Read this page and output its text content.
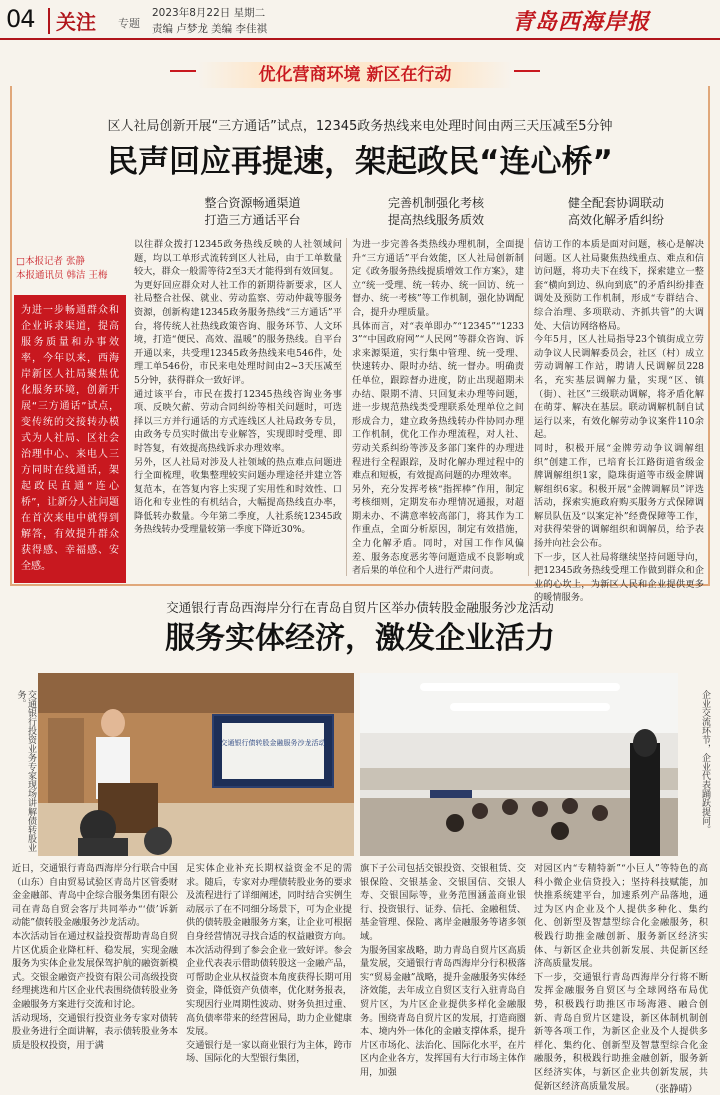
04 关注 专题
2023年8月22日 星期二
责编 卢梦龙 美编 李佳祺	青岛西海岸报
优化营商环境 新区在行动
区人社局创新开展“三方通话”试点，12345政务热线来电处理时间由两三天压减至5分钟
民声回应再提速，架起政民“连心桥”
整合资源畅通渠道
打造三方通话平台
完善机制强化考核
提高热线服务质效
健全配套协调联动
高效化解矛盾纠纷
□本报记者 张静
本报通讯员 韩洁 王梅
为进一步畅通群众和企业诉求渠道，提高服务质量和办事效率，今年以来，西海岸新区人社局聚焦优化服务环境，创新开展“三方通话”试点，变传统的交接转办模式为人社局、区社会治理中心、来电人三方同时在线通话，架起政民直通“连心桥”，让新分人社问题在首次来电中就得到解答，有效提升群众获得感、幸福感、安全感。
以往群众拨打12345政务热线反映的人社领域问题，均以工单形式流转到区人社局，由于工单数量较大，群众一般需等待2至3天才能得到有效回复。
为更好回应群众对人社工作的新期待新要求，区人社局整合社保、就业、劳动监察、劳动仲裁等服务资源，创新构建12345政务服务热线“三方通话”平台，将传统人社热线政策咨询、服务环节、人文环境，打造“便民、高效、温暖”的服务热线。自平台开通以来，共受理12345政务热线来电546件，处理工单546份，市民来电处理时间由2~3天压减至5分钟，获得群众一致好评。
通过该平台，市民在拨打12345热线咨询业务事项、反映欠薪、劳动合同纠纷等相关问题时，可选择以三方并行通话的方式连线区人社局政务专员，由政务专员实时做出专业解答，实现即时受理、即时答复，有效提高热线诉求办理效率。
另外，区人社局对涉及人社领域的热点难点问题进行全面梳理，收集整理较实问题办理途径并建立答复范本，在答复内容上实现了实用性和时效性、口语化和专业性的有机结合，大幅提高热线直办率，降低转办数量。今年第二季度，人社系统12345政务热线转办受理量较第一季度下降近30%。
为进一步完善各类热线办理机制，全面提升“三方通话”平台效能，区人社局创新制定《政务服务热线提质增效工作方案》，建立“统一受理、统一转办、统一回访、统一督办、统一考核”等工作机制，强化协调配合，提升办理质量。
具体而言，对“表单即办”“12345”“12333”“中国政府网”“人民网”等群众咨询、诉求来源渠道，实行集中管理、统一受理、快速转办、限时办结、统一督办。明确责任单位，跟踪督办进度，防止出现超期未办结、限期不清、只回复未办理等问题，进一步规范热线类受理联系处理单位之间形成合力，建立政务热线转办件协同办理工作机制，优化工作办理流程，对人社、劳动关系纠纷等涉及多部门案件的办理进程进行全程跟踪，及时化解办理过程中的难点和短板，有效提高问题的办理效率。
另外，充分发挥考核“指挥棒”作用，制定考核细则，定期发布办理情况通报，对超期未办、不满意率较高部门，将其作为工作重点，全面分析原因，制定有效措施，全力化解矛盾。同时，对国工作作风偏差、服务态度恶劣等问题造成不良影响或者后果的单位和个人进行严肃问责。
信访工作的本质是面对问题，核心是解决问题。区人社局聚焦热线重点、难点和信访问题，将功夫下在线下，探索建立一整套“横向到边、纵向到底”的矛盾纠纷排查调处及预防工作机制，形成“专群结合、综合治理、多项联动、齐抓共管”的大调处、大信访网络格局。
今年5月，区人社局指导23个镇街成立劳动争议人民调解委员会，社区（村）成立劳动调解工作站，聘请人民调解员228名，充实基层调解力量，实现“区、镇（街）、社区”三级联动调解，将矛盾化解在萌芽、解决在基层。联动调解机制自试运行以来，有效化解劳动争议案件110余起。
同时，积极开展“金牌劳动争议调解组织”创建工作，已培育长江路街道省级金牌调解组织1家，隐珠街道等市级金牌调解组织6家。积极开展“金牌调解员”评选活动，探索实施政府购买服务方式保障调解员队伍及“以案定补”经费保障等工作，对获得荣誉的调解组织和调解员，给予表扬并向社会公布。
下一步，区人社局将继续坚持问题导向，把12345政务热线受理工作做到群众和企业的心坎上，为新区人民和企业提供更多的暖情服务。
交通银行青岛西海岸分行在青岛自贸片区举办债转股金融服务沙龙活动
服务实体经济，激发企业活力
交通银行投资业务专家现场讲解债转股业务。
交通银行债转股金融服务沙龙活动	企业交流环节，企业代表踊跃提问。
近日，交通银行青岛西海岸分行联合中国（山东）自由贸易试验区青岛片区管委财金金融部、青岛中企综合服务集团有限公司在青岛自贸会客厅共同举办“‘债’诉新动能”债转股金融服务沙龙活动。
本次活动旨在通过权益投资帮助青岛自贸片区优质企业降杠杆、稳发展，实现金融服务为实体企业发展保驾护航的融资新模式。交银金融资产投资有限公司高级投资经理挑选和片区企业代表围绕债转股业务金融服务方案进行交流和讨论。
活动现场，交通银行投资业务专家对债转股业务进行全面讲解，表示债转股业务本质是股权投资，用于满
足实体企业补充长期权益资金不足的需求。随后，专家对办理债转股业务的要求及流程进行了详细阐述，同时结合实例生动展示了在不同细分场景下，可为企业提供的债转股金融服务方案，让企业可根据自身经营情况寻找合适的权益融资方向。
本次活动得到了参会企业一致好评。参会企业代表表示借助债转股这一金融产品，可帮助企业从权益资本角度获得长期可用资金，降低资产负债率，优化财务报表，实现因行业周期性波动、财务负担过重、高负债率带来的经营困局，助力企业健康发展。
交通银行是一家以商业银行为主体，跨市场、国际化的大型银行集团，
旗下子公司包括交银投资、交银租赁、交银保险、交银基金、交银国信、交银人寿、交银国际等，业务范围涵盖商业银行、投资银行、证券、信托、金融租赁、基金管理、保险、离岸金融服务等诸多领域。
为服务国家战略，助力青岛自贸片区高质量发展，交通银行青岛西海岸分行积极落实“贸易金融”战略，提升金融服务实体经济效能，去年成立自贸区支行入驻青岛自贸片区，为片区企业提供多样化金融服务。围绕青岛自贸片区的发展，打造商圈本、境内外一体化的金融支撑体系，提升片区市场化、法治化、国际化水平，在片区内企业各方，发挥国有大行市场主体作用，加强
对园区内“专精特新”“小巨人”等特色的高科小微企业信贷投入；坚持科技赋能，加快推系统建平台，加速系列产品落地，通过为区内企业及个人提供多种化、集约化、创新型及智慧型综合化金融服务，积极践行助推金融创新、服务新区经济实体、与新区企业共创新发展、共促新区经济高质量发展。
下一步，交通银行青岛西海岸分行将不断发挥金融服务自贸区与全球网络布局优势，积极践行助推区市场海港、融合创新、青岛自贸片区建设，新区体制机制创新等各项工作，为新区企业及个人提供多样化、集约化、创新型及智慧型综合化金融服务，积极践行助推金融创新，服务新区经济实体，与新区企业共创新发展，共促新区经济高质量发展。	（张静晴）
